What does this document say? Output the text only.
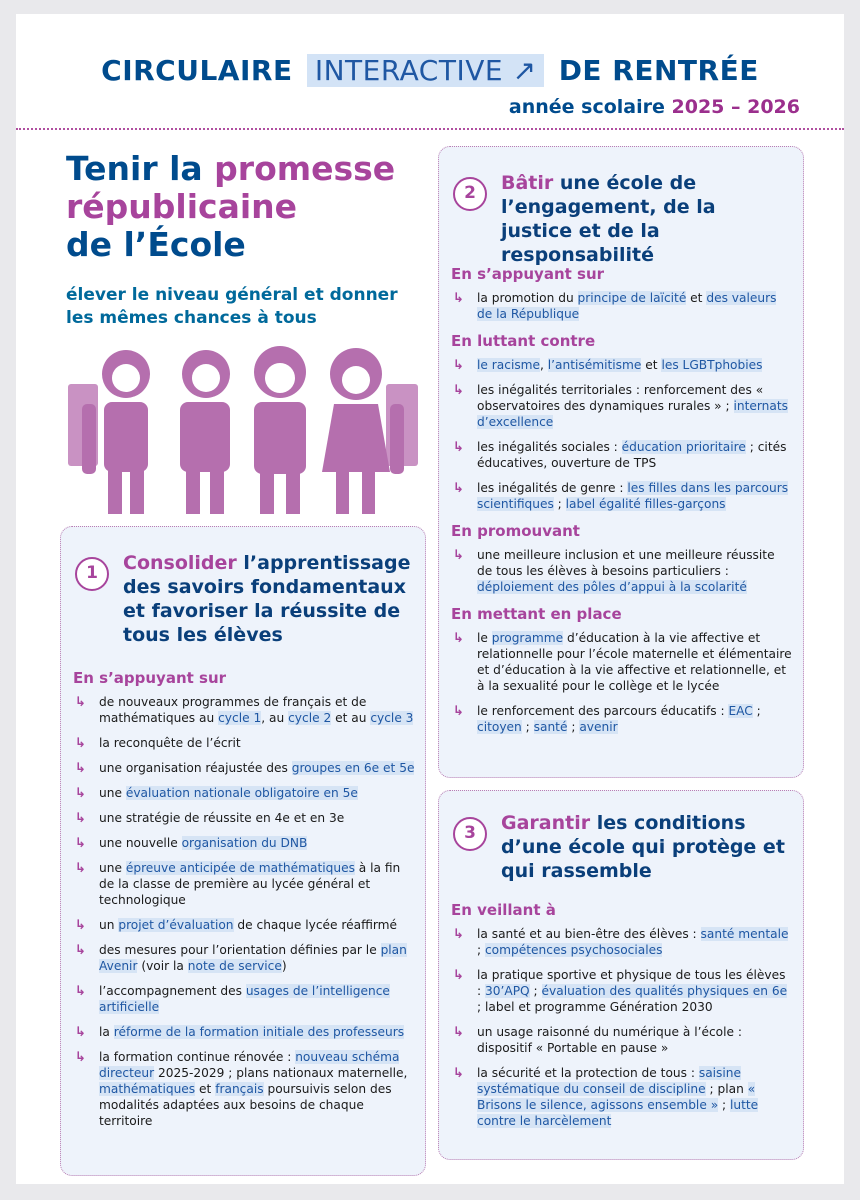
CIRCULAIRE INTERACTIVE ↗ DE RENTRÉE
année scolaire 2025 – 2026
Tenir la promesse
républicaine
de l’École
élever le niveau général et donner les mêmes chances à tous
1	Consolider l’apprentissage des savoirs fondamentaux et favoriser la réussite de tous les élèves
En s’appuyant sur
↳ de nouveaux programmes de français et de mathématiques au cycle 1, au cycle 2 et au cycle 3
↳ la reconquête de l’écrit
↳ une organisation réajustée des groupes en 6e et 5e
↳ une évaluation nationale obligatoire en 5e
↳ une stratégie de réussite en 4e et en 3e
↳ une nouvelle organisation du DNB
↳ une épreuve anticipée de mathématiques à la fin de la classe de première au lycée général et technologique
↳ un projet d’évaluation de chaque lycée réaffirmé
↳ des mesures pour l’orientation définies par le plan Avenir (voir la note de service)
↳ l’accompagnement des usages de l’intelligence artificielle
↳ la réforme de la formation initiale des professeurs
↳ la formation continue rénovée : nouveau schéma directeur 2025-2029 ; plans nationaux maternelle, mathématiques et français poursuivis selon des modalités adaptées aux besoins de chaque territoire
2	Bâtir une école de l’engagement, de la justice et de la responsabilité
En s’appuyant sur
↳ la promotion du principe de laïcité et des valeurs de la République
En luttant contre
↳ le racisme, l’antisémitisme et les LGBTphobies
↳ les inégalités territoriales : renforcement des « observatoires des dynamiques rurales » ; internats d’excellence
↳ les inégalités sociales : éducation prioritaire ; cités éducatives, ouverture de TPS
↳ les inégalités de genre : les filles dans les parcours scientifiques ; label égalité filles-garçons
En promouvant
↳ une meilleure inclusion et une meilleure réussite de tous les élèves à besoins particuliers : déploiement des pôles d’appui à la scolarité
En mettant en place
↳ le programme d’éducation à la vie affective et relationnelle pour l’école maternelle et élémentaire et d’éducation à la vie affective et relationnelle, et à la sexualité pour le collège et le lycée
↳ le renforcement des parcours éducatifs : EAC ; citoyen ; santé ; avenir
3	Garantir les conditions d’une école qui protège et qui rassemble
En veillant à
↳ la santé et au bien-être des élèves : santé mentale ; compétences psychosociales
↳ la pratique sportive et physique de tous les élèves : 30’APQ ; évaluation des qualités physiques en 6e ; label et programme Génération 2030
↳ un usage raisonné du numérique à l’école : dispositif « Portable en pause »
↳ la sécurité et la protection de tous : saisine systématique du conseil de discipline ; plan « Brisons le silence, agissons ensemble » ; lutte contre le harcèlement
